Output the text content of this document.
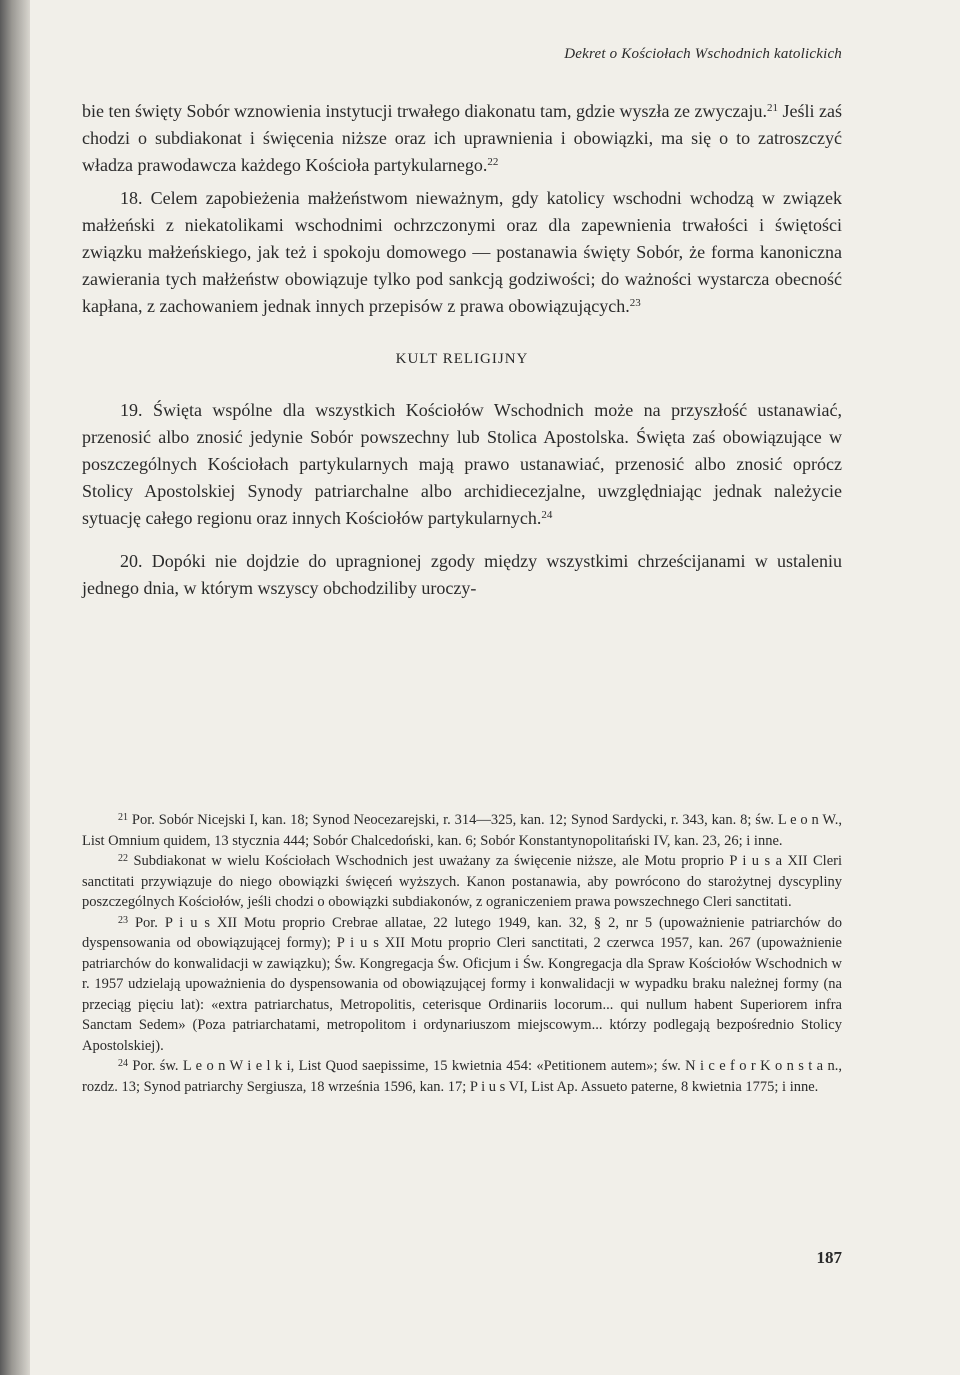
Dekret o Kościołach Wschodnich katolickich

bie ten święty Sobór wznowienia instytucji trwałego diakonatu tam, gdzie wyszła ze zwyczaju.$^{21}$ Jeśli zaś chodzi o subdiakonat i święcenia niższe oraz ich uprawnienia i obowiązki, ma się o to zatroszczyć władza prawodawcza każdego Kościoła partykularnego.$^{22}$

18. Celem zapobieżenia małżeństwom nieważnym, gdy katolicy wschodni wchodzą w związek małżeński z niekatolikami wschodnimi ochrzczonymi oraz dla zapewnienia trwałości i świętości związku małżeńskiego, jak też i spokoju domowego — postanawia święty Sobór, że forma kanoniczna zawierania tych małżeństw obowiązuje tylko pod sankcją godziwości; do ważności wystarcza obecność kapłana, z zachowaniem jednak innych przepisów z prawa obowiązujących.$^{23}$

KULT RELIGIJNY

19. Święta wspólne dla wszystkich Kościołów Wschodnich może na przyszłość ustanawiać, przenosić albo znosić jedynie Sobór powszechny lub Stolica Apostolska. Święta zaś obowiązujące w poszczególnych Kościołach partykularnych mają prawo ustanawiać, przenosić albo znosić oprócz Stolicy Apostolskiej Synody patriarchalne albo archidiecezjalne, uwzględniając jednak należycie sytuację całego regionu oraz innych Kościołów partykularnych.$^{24}$

20. Dopóki nie dojdzie do upragnionej zgody między wszystkimi chrześcijanami w ustaleniu jednego dnia, w którym wszyscy obchodziliby uroczy-

$^{21}$ Por. Sobór Nicejski I, kan. 18; Synod Neocezarejski, r. 314—325, kan. 12; Synod Sardycki, r. 343, kan. 8; św. L e o n W., List Omnium quidem, 13 stycznia 444; Sobór Chalcedoński, kan. 6; Sobór Konstantynopolitański IV, kan. 23, 26; i inne.

$^{22}$ Subdiakonat w wielu Kościołach Wschodnich jest uważany za święcenie niższe, ale Motu proprio P i u s a XII Cleri sanctitati przywiązuje do niego obowiązki święceń wyższych. Kanon postanawia, aby powrócono do starożytnej dyscypliny poszczególnych Kościołów, jeśli chodzi o obowiązki subdiakonów, z ograniczeniem prawa powszechnego Cleri sanctitati.

$^{23}$ Por. P i u s XII Motu proprio Crebrae allatae, 22 lutego 1949, kan. 32, § 2, nr 5 (upoważnienie patriarchów do dyspensowania od obowiązującej formy); P i u s XII Motu proprio Cleri sanctitati, 2 czerwca 1957, kan. 267 (upoważnienie patriarchów do konwalidacji w zawiązku); Św. Kongregacja Św. Oficjum i Św. Kongregacja dla Spraw Kościołów Wschodnich w r. 1957 udzielają upoważnienia do dyspensowania od obowiązującej formy i konwalidacji w wypadku braku należnej formy (na przeciąg pięciu lat): «extra patriarchatus, Metropolitis, ceterisque Ordinariis locorum... qui nullum habent Superiorem infra Sanctam Sedem» (Poza patriarchatami, metropolitom i ordynariuszom miejscowym... którzy podlegają bezpośrednio Stolicy Apostolskiej).

$^{24}$ Por. św. L e o n W i e l k i, List Quod saepissime, 15 kwietnia 454: «Petitionem autem»; św. N i c e f o r K o n s t a n., rozdz. 13; Synod patriarchy Sergiusza, 18 września 1596, kan. 17; P i u s VI, List Ap. Assueto paterne, 8 kwietnia 1775; i inne.

187
